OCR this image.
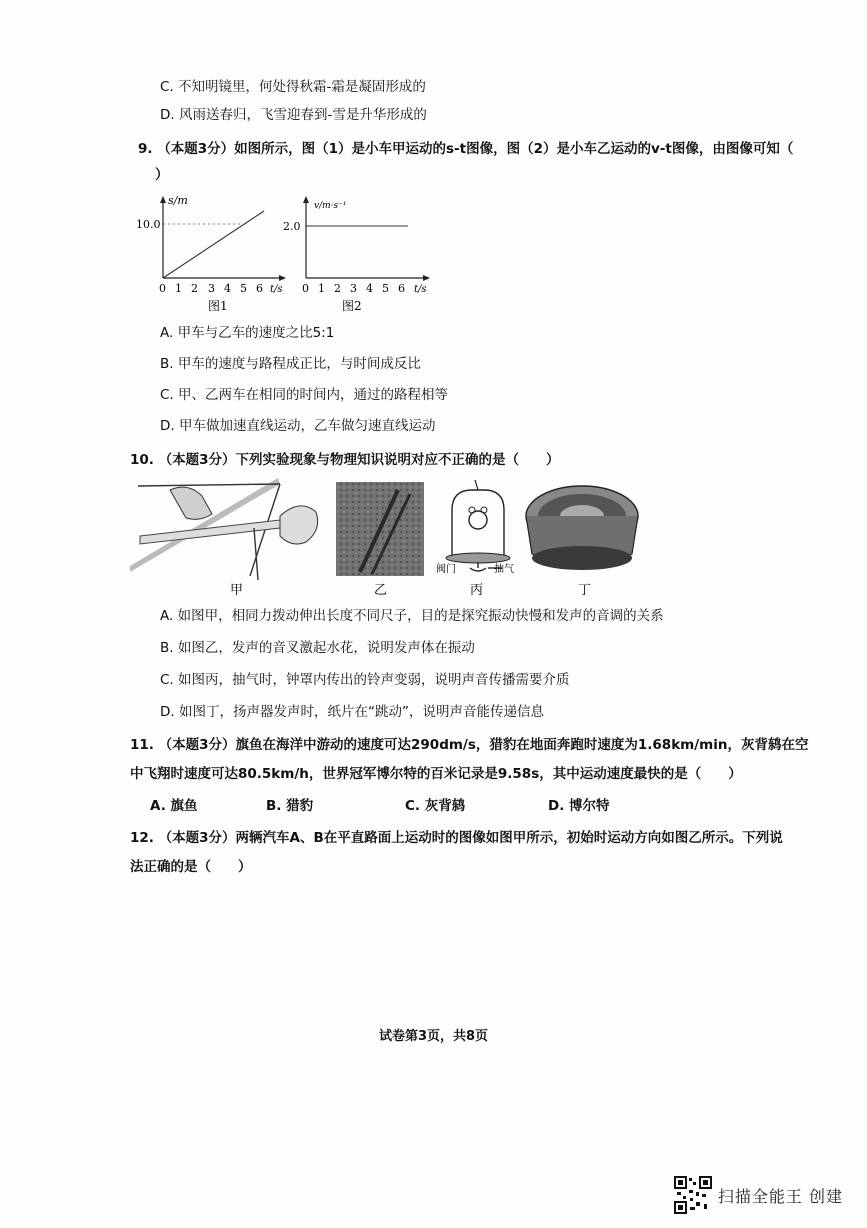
C. 不知明镜里，何处得秋霜-霜是凝固形成的
D. 风雨送春归，飞雪迎春到-雪是升华形成的
9. （本题3分）如图所示，图（1）是小车甲运动的s-t图像，图（2）是小车乙运动的v-t图像，由图像可知（
）
s/m
10.0
0 1 2 3 4 5 6 t/s
图1
v/m·s⁻¹
2.0
0 1 2 3 4 5 6 t/s
图2
A. 甲车与乙车的速度之比5:1
B. 甲车的速度与路程成正比，与时间成反比
C. 甲、乙两车在相同的时间内，通过的路程相等
D. 甲车做加速直线运动，乙车做匀速直线运动
10. （本题3分）下列实验现象与物理知识说明对应不正确的是（　　）
甲	乙
阀门	抽气
丙	丁
A. 如图甲，相同力拨动伸出长度不同尺子，目的是探究振动快慢和发声的音调的关系
B. 如图乙，发声的音叉激起水花，说明发声体在振动
C. 如图丙，抽气时，钟罩内传出的铃声变弱，说明声音传播需要介质
D. 如图丁，扬声器发声时，纸片在“跳动”，说明声音能传递信息
11. （本题3分）旗鱼在海洋中游动的速度可达290dm/s，猎豹在地面奔跑时速度为1.68km/min，灰背鸫在空
中飞翔时速度可达80.5km/h，世界冠军博尔特的百米记录是9.58s，其中运动速度最快的是（　　）
A. 旗鱼	B. 猎豹	C. 灰背鸫	D. 博尔特
12. （本题3分）两辆汽车A、B在平直路面上运动时的图像如图甲所示，初始时运动方向如图乙所示。下列说
法正确的是（　　）
试卷第3页，共8页
扫描全能王 创建
